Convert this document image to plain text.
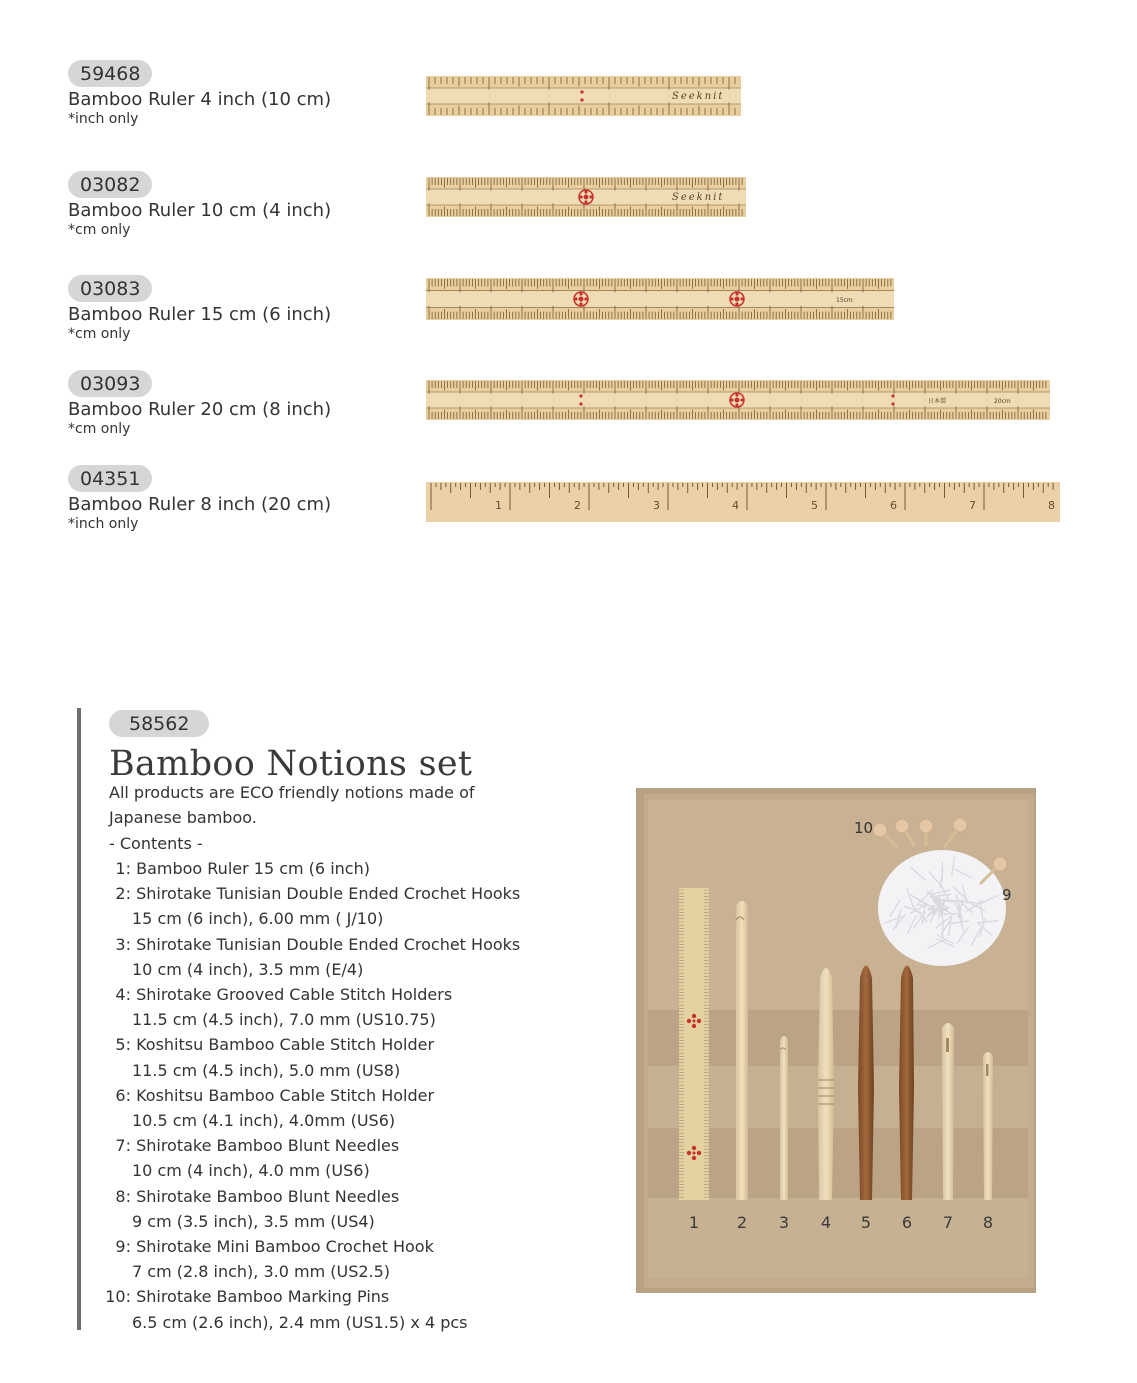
59468
Bamboo Ruler 4 inch (10 cm)
*inch only
03082
Bamboo Ruler 10 cm (4 inch)
*cm only
03083
Bamboo Ruler 15 cm (6 inch)
*cm only
03093
Bamboo Ruler 20 cm (8 inch)
*cm only
04351
Bamboo Ruler 8 inch (20 cm)
*inch only
Seeknit
Seeknit
15cm
日本製	20cm
1	2	3	4	5	6	7	8
58562
Bamboo Notions set
All products are ECO friendly notions made of Japanese bamboo.
- Contents -
1: Bamboo Ruler 15 cm (6 inch)
2: Shirotake Tunisian Double Ended Crochet Hooks
15 cm (6 inch), 6.00 mm ( J/10)
3: Shirotake Tunisian Double Ended Crochet Hooks
10 cm (4 inch), 3.5 mm (E/4)
4: Shirotake Grooved Cable Stitch Holders
11.5 cm (4.5 inch), 7.0 mm (US10.75)
5: Koshitsu Bamboo Cable Stitch Holder
11.5 cm (4.5 inch), 5.0 mm (US8)
6: Koshitsu Bamboo Cable Stitch Holder
10.5 cm (4.1 inch), 4.0mm (US6)
7: Shirotake Bamboo Blunt Needles
10 cm (4 inch), 4.0 mm (US6)
8: Shirotake Bamboo Blunt Needles
9 cm (3.5 inch), 3.5 mm (US4)
9: Shirotake Mini Bamboo Crochet Hook
7 cm (2.8 inch), 3.0 mm (US2.5)
10: Shirotake Bamboo Marking Pins
6.5 cm (2.6 inch), 2.4 mm (US1.5) x 4 pcs
10
9
1 2 3 4 5 6 7 8
